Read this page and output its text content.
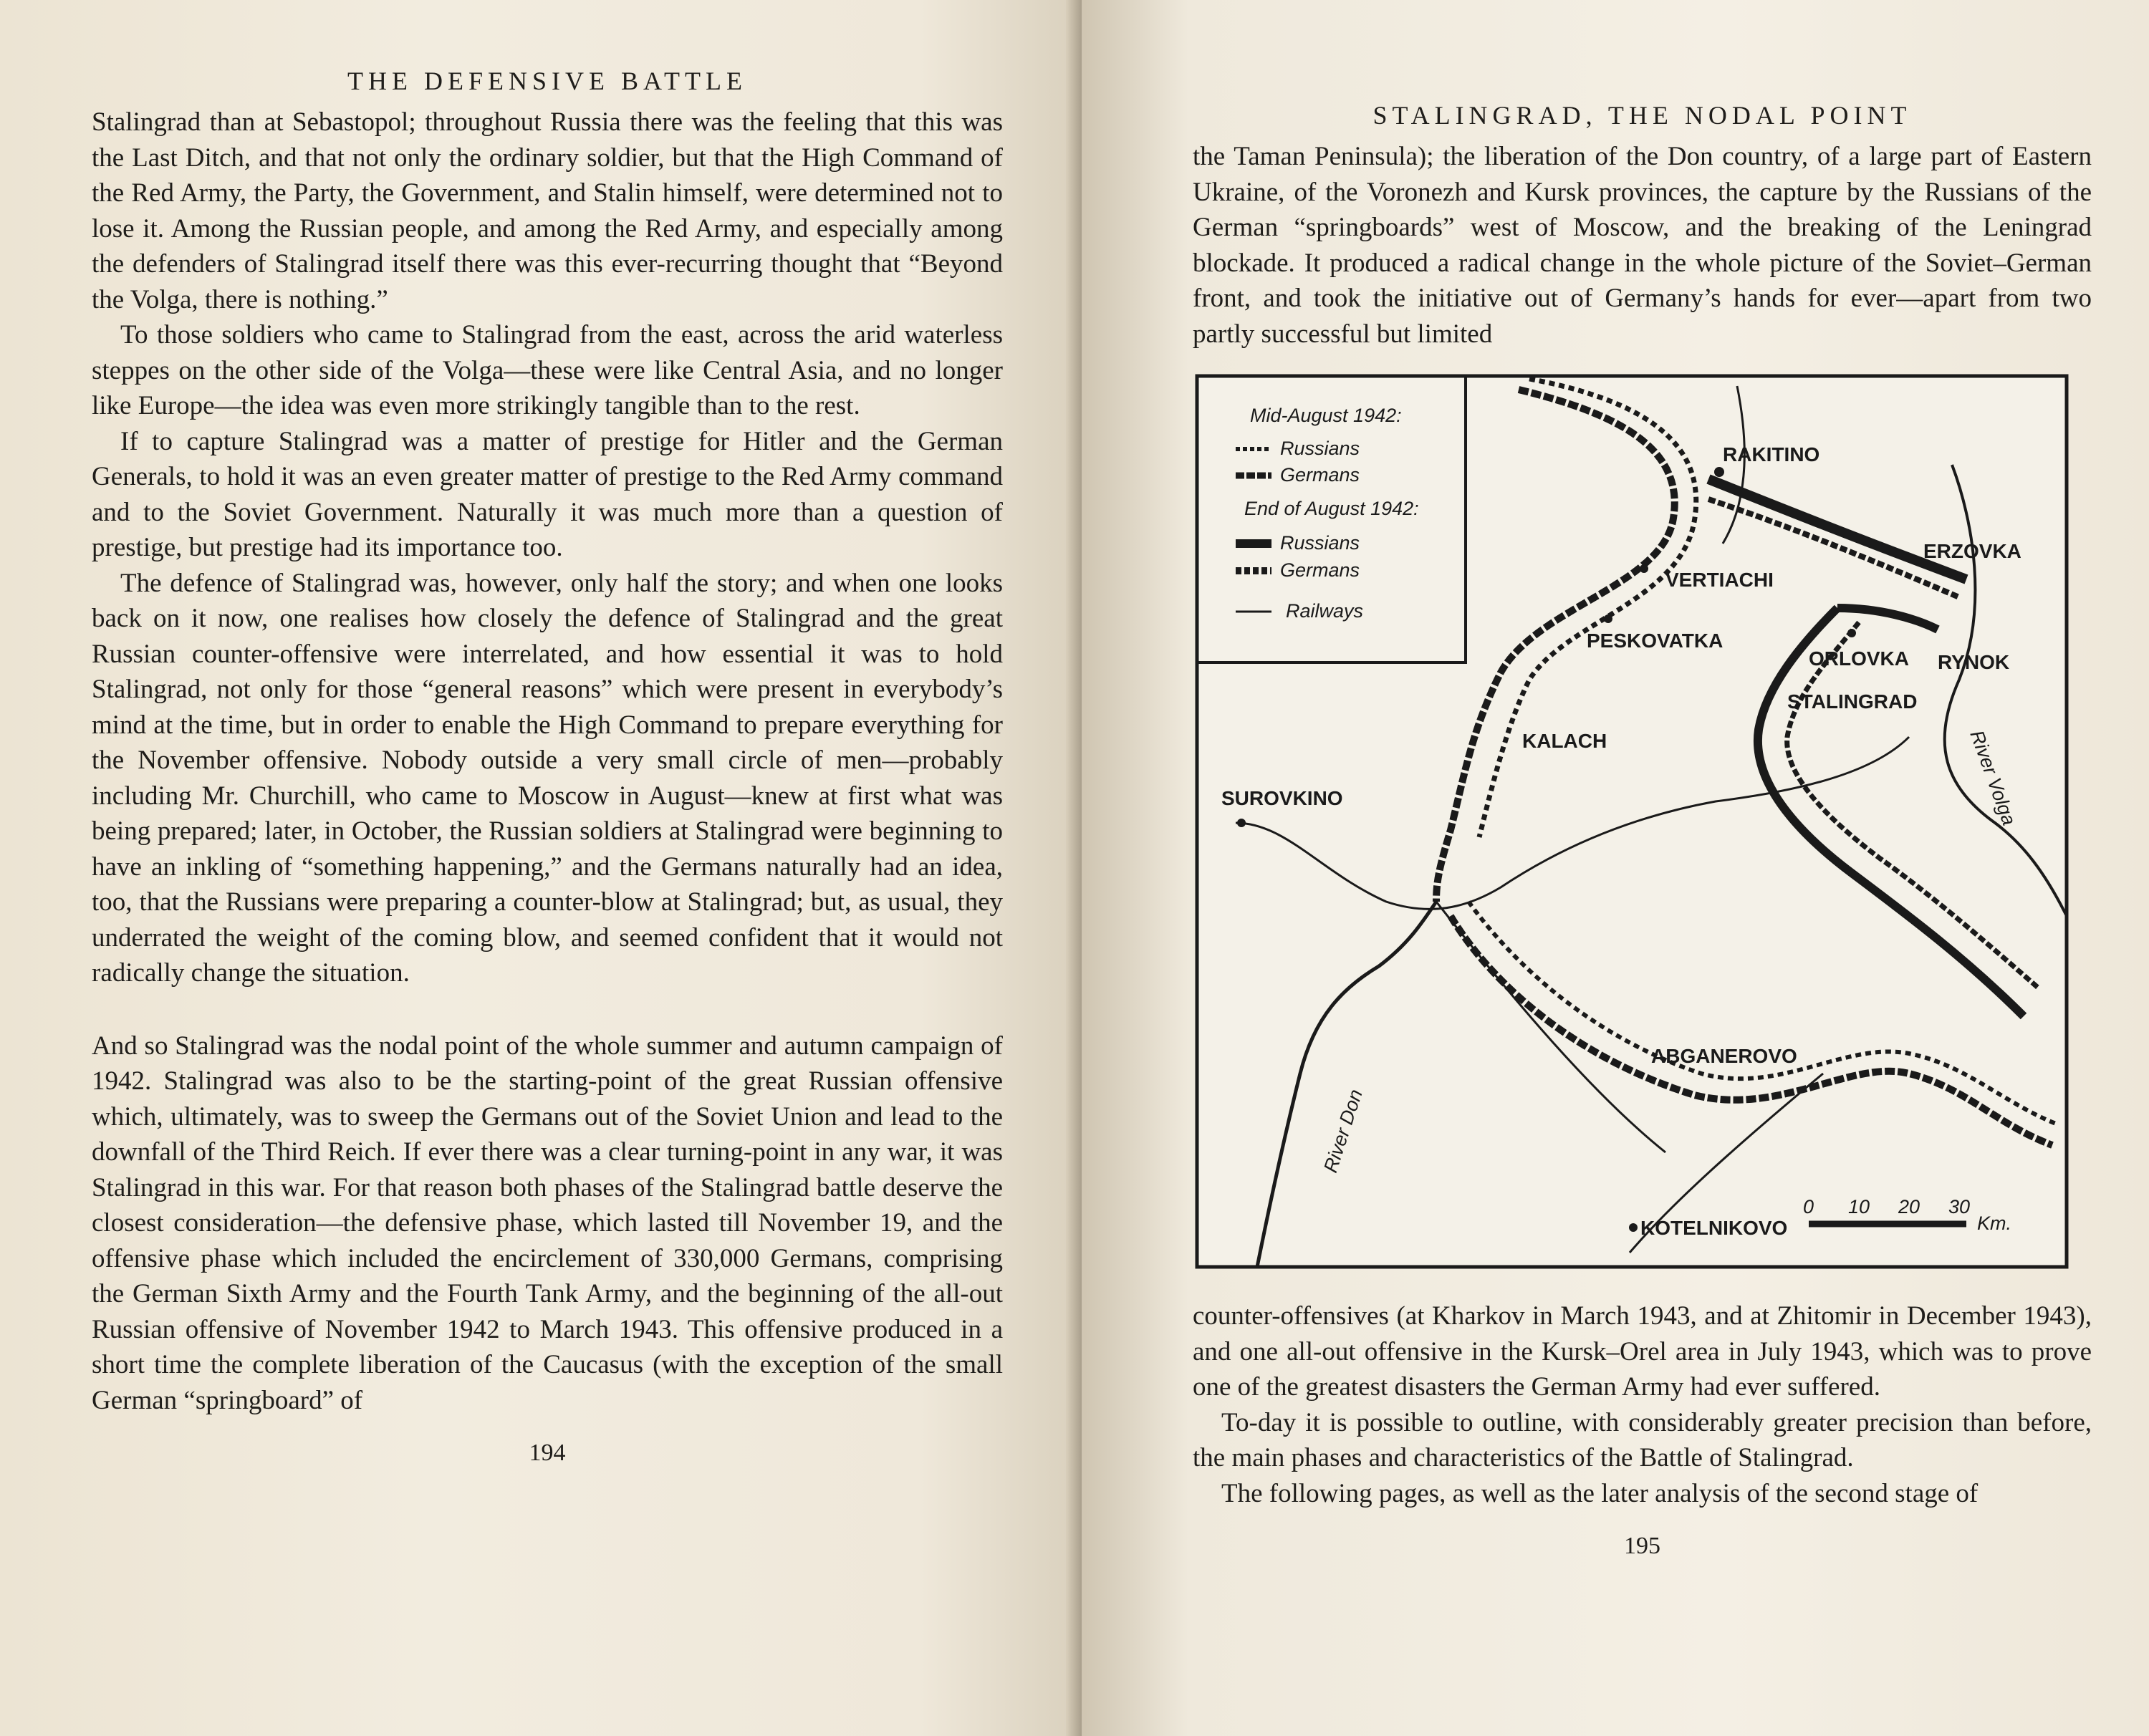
THE DEFENSIVE BATTLE

Stalingrad than at Sebastopol; throughout Russia there was the feeling that this was the Last Ditch, and that not only the ordinary soldier, but that the High Command of the Red Army, the Party, the Government, and Stalin himself, were determined not to lose it. Among the Russian people, and among the Red Army, and especially among the defenders of Stalingrad itself there was this ever-recurring thought that “Beyond the Volga, there is nothing.”

To those soldiers who came to Stalingrad from the east, across the arid waterless steppes on the other side of the Volga—these were like Central Asia, and no longer like Europe—the idea was even more strikingly tangible than to the rest.

If to capture Stalingrad was a matter of prestige for Hitler and the German Generals, to hold it was an even greater matter of prestige to the Red Army command and to the Soviet Government. Naturally it was much more than a question of prestige, but prestige had its importance too.

The defence of Stalingrad was, however, only half the story; and when one looks back on it now, one realises how closely the defence of Stalingrad and the great Russian counter-offensive were interrelated, and how essential it was to hold Stalingrad, not only for those “general reasons” which were present in everybody’s mind at the time, but in order to enable the High Command to prepare everything for the November offensive. Nobody outside a very small circle of men—probably including Mr. Churchill, who came to Moscow in August—knew at first what was being prepared; later, in October, the Russian soldiers at Stalingrad were beginning to have an inkling of “something happening,” and the Germans naturally had an idea, too, that the Russians were preparing a counter-blow at Stalingrad; but, as usual, they underrated the weight of the coming blow, and seemed confident that it would not radically change the situation.

And so Stalingrad was the nodal point of the whole summer and autumn campaign of 1942. Stalingrad was also to be the starting-point of the great Russian offensive which, ultimately, was to sweep the Germans out of the Soviet Union and lead to the downfall of the Third Reich. If ever there was a clear turning-point in any war, it was Stalingrad in this war. For that reason both phases of the Stalingrad battle deserve the closest consideration—the defensive phase, which lasted till November 19, and the offensive phase which included the encirclement of 330,000 Germans, comprising the German Sixth Army and the Fourth Tank Army, and the beginning of the all-out Russian offensive of November 1942 to March 1943. This offensive produced in a short time the complete liberation of the Caucasus (with the exception of the small German “springboard” of

194
STALINGRAD, THE NODAL POINT

the Taman Peninsula); the liberation of the Don country, of a large part of Eastern Ukraine, of the Voronezh and Kursk provinces, the capture by the Russians of the German “springboards” west of Moscow, and the breaking of the Leningrad blockade. It produced a radical change in the whole picture of the Soviet–German front, and took the initiative out of Germany’s hands for ever—apart from two partly successful but limited

Mid-August 1942:
Russians
Germans
End of August 1942:
Russians
Germans
Railways
RAKITINO
ERZOVKA
VERTIACHI
PESKOVATKA
ORLOVKA RYNOK
STALINGRAD
KALACH
SUROVKINO
ABGANEROVO
KOTELNIKOVO
River Volga
River Don
0 10 20 30
Km.

counter-offensives (at Kharkov in March 1943, and at Zhitomir in December 1943), and one all-out offensive in the Kursk–Orel area in July 1943, which was to prove one of the greatest disasters the German Army had ever suffered.

To-day it is possible to outline, with considerably greater precision than before, the main phases and characteristics of the Battle of Stalingrad.

The following pages, as well as the later analysis of the second stage of

195
